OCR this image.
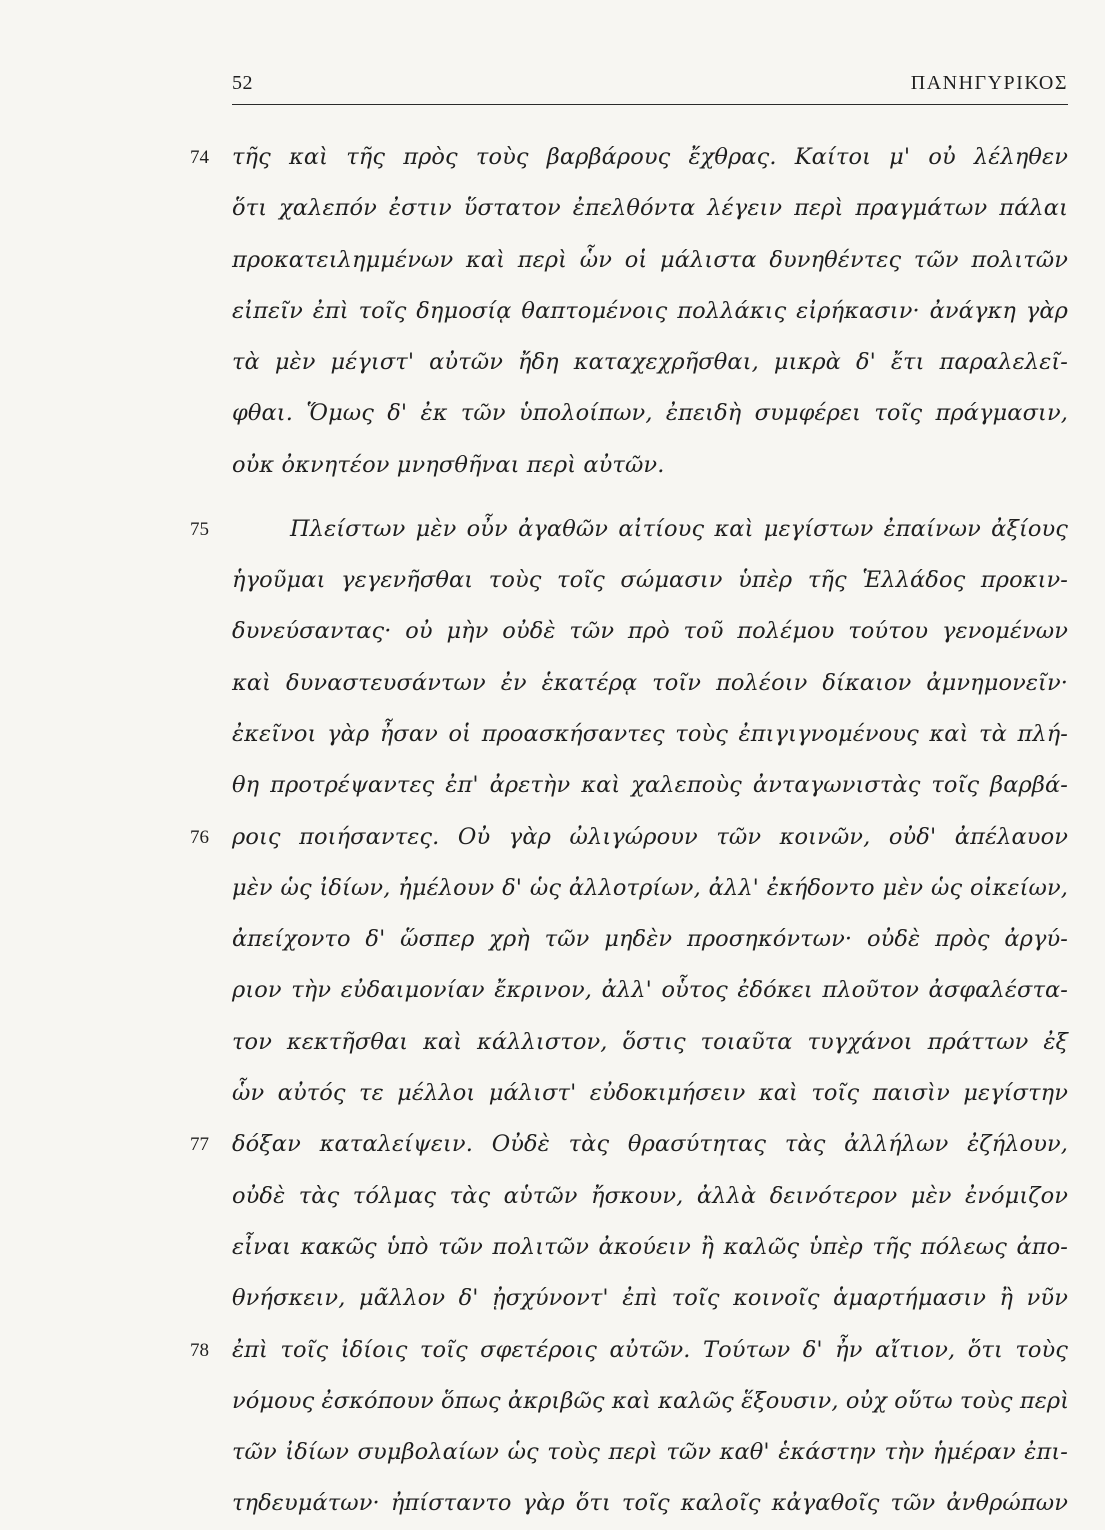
52	ΠΑΝΗΓΥΡΙΚΟΣ
74	τῆς καὶ τῆς πρὸς τοὺς βαρβάρους ἔχθρας. Καίτοι μ' οὐ λέληθεν
ὅτι χαλεπόν ἐστιν ὕστατον ἐπελθόντα λέγειν περὶ πραγμάτων πάλαι
προκατειλημμένων καὶ περὶ ὧν οἱ μάλιστα δυνηθέντες τῶν πολιτῶν
εἰπεῖν ἐπὶ τοῖς δημοσίᾳ θαπτομένοις πολλάκις εἰρήκασιν· ἀνάγκη γὰρ
τὰ μὲν μέγιστ' αὐτῶν ἤδη καταχεχρῆσθαι, μικρὰ δ' ἔτι παραλελεῖ-
φθαι. Ὅμως δ' ἐκ τῶν ὑπολοίπων, ἐπειδὴ συμφέρει τοῖς πράγμασιν,
οὐκ ὀκνητέον μνησθῆναι περὶ αὐτῶν.
75	Πλείστων μὲν οὖν ἀγαθῶν αἰτίους καὶ μεγίστων ἐπαίνων ἀξίους
ἡγοῦμαι γεγενῆσθαι τοὺς τοῖς σώμασιν ὑπὲρ τῆς Ἑλλάδος προκιν-
δυνεύσαντας· οὐ μὴν οὐδὲ τῶν πρὸ τοῦ πολέμου τούτου γενομένων
καὶ δυναστευσάντων ἐν ἑκατέρᾳ τοῖν πολέοιν δίκαιον ἀμνημονεῖν·
ἐκεῖνοι γὰρ ἦσαν οἱ προασκήσαντες τοὺς ἐπιγιγνομένους καὶ τὰ πλή-
θη προτρέψαντες ἐπ' ἀρετὴν καὶ χαλεποὺς ἀνταγωνιστὰς τοῖς βαρβά-
76	ροις ποιήσαντες. Οὐ γὰρ ὠλιγώρουν τῶν κοινῶν, οὐδ' ἀπέλαυον
μὲν ὡς ἰδίων, ἠμέλουν δ' ὡς ἀλλοτρίων, ἀλλ' ἐκήδοντο μὲν ὡς οἰκείων,
ἀπείχοντο δ' ὥσπερ χρὴ τῶν μηδὲν προσηκόντων· οὐδὲ πρὸς ἀργύ-
ριον τὴν εὐδαιμονίαν ἔκρινον, ἀλλ' οὗτος ἐδόκει πλοῦτον ἀσφαλέστα-
τον κεκτῆσθαι καὶ κάλλιστον, ὅστις τοιαῦτα τυγχάνοι πράττων ἐξ
ὧν αὐτός τε μέλλοι μάλιστ' εὐδοκιμήσειν καὶ τοῖς παισὶν μεγίστην
77	δόξαν καταλείψειν. Οὐδὲ τὰς θρασύτητας τὰς ἀλλήλων ἐζήλουν,
οὐδὲ τὰς τόλμας τὰς αὑτῶν ἤσκουν, ἀλλὰ δεινότερον μὲν ἐνόμιζον
εἶναι κακῶς ὑπὸ τῶν πολιτῶν ἀκούειν ἢ καλῶς ὑπὲρ τῆς πόλεως ἀπο-
θνήσκειν, μᾶλλον δ' ᾐσχύνοντ' ἐπὶ τοῖς κοινοῖς ἁμαρτήμασιν ἢ νῦν
78	ἐπὶ τοῖς ἰδίοις τοῖς σφετέροις αὐτῶν. Τούτων δ' ἦν αἴτιον, ὅτι τοὺς
νόμους ἐσκόπουν ὅπως ἀκριβῶς καὶ καλῶς ἕξουσιν, οὐχ οὕτω τοὺς περὶ
τῶν ἰδίων συμβολαίων ὡς τοὺς περὶ τῶν καθ' ἑκάστην τὴν ἡμέραν ἐπι-
τηδευμάτων· ἠπίσταντο γὰρ ὅτι τοῖς καλοῖς κἀγαθοῖς τῶν ἀνθρώπων
